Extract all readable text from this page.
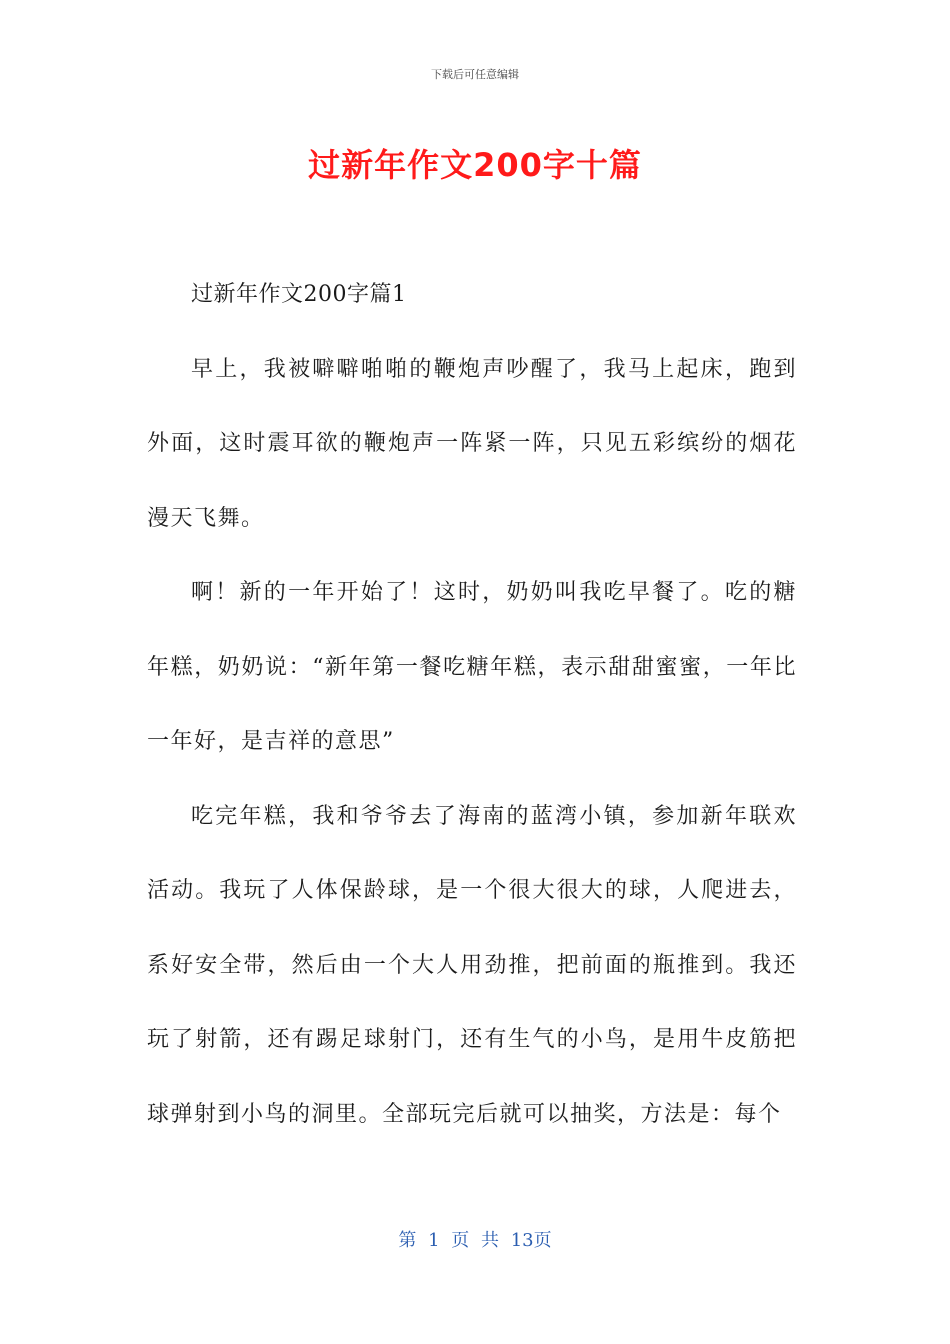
下载后可任意编辑
过新年作文200字十篇

过新年作文200字篇1

早上，我被噼噼啪啪的鞭炮声吵醒了，我马上起床，跑到外面，这时震耳欲的鞭炮声一阵紧一阵，只见五彩缤纷的烟花漫天飞舞。

啊！新的一年开始了！这时，奶奶叫我吃早餐了。吃的糖年糕，奶奶说：“新年第一餐吃糖年糕，表示甜甜蜜蜜，一年比一年好，是吉祥的意思”

吃完年糕，我和爷爷去了海南的蓝湾小镇，参加新年联欢活动。我玩了人体保龄球，是一个很大很大的球，人爬进去，系好安全带，然后由一个大人用劲推，把前面的瓶推到。我还玩了射箭，还有踢足球射门，还有生气的小鸟，是用牛皮筋把球弹射到小鸟的洞里。全部玩完后就可以抽奖，方法是：每个

第 1 页 共 13页
